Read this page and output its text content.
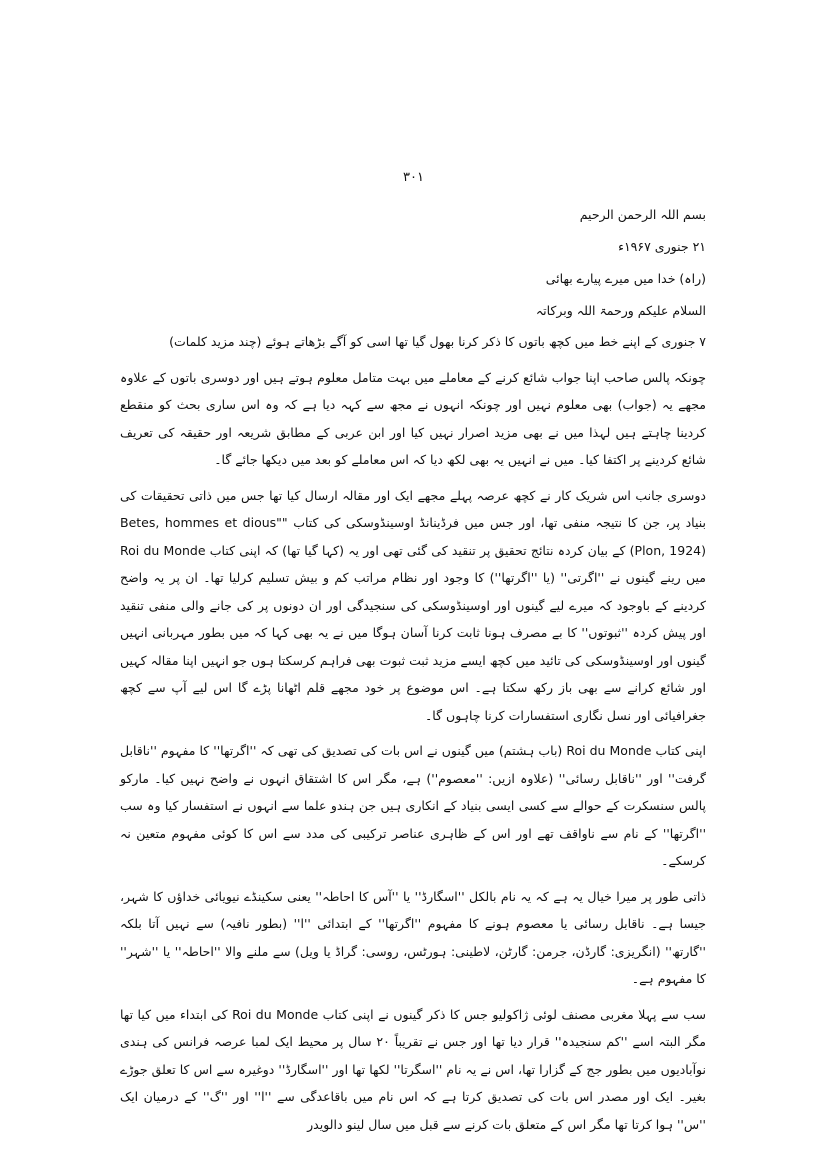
۳۰۱
بسم اللہ الرحمن الرحیم
۲۱ جنوری ۱۹۶۷ء
(راہ) خدا میں میرے پیارے بھائی
السلام علیکم ورحمۃ اللہ وبرکاتہ

۷ جنوری کے اپنے خط میں کچھ باتوں کا ذکر کرنا بھول گیا تھا اسی کو آگے بڑھاتے ہوئے (چند مزید کلمات)

چونکہ پالس صاحب اپنا جواب شائع کرنے کے معاملے میں بہت متامل معلوم ہوتے ہیں اور دوسری باتوں کے علاوہ مجھے یہ (جواب) بھی معلوم نہیں اور چونکہ انہوں نے مجھ سے کہہ دیا ہے کہ وہ اس ساری بحث کو منقطع کردینا چاہتے ہیں لہذا میں نے بھی مزید اصرار نہیں کیا اور ابن عربی کے مطابق شریعہ اور حقیقہ کی تعریف شائع کردینے پر اکتفا کیا۔ میں نے انہیں یہ بھی لکھ دیا کہ اس معاملے کو بعد میں دیکھا جائے گا۔

دوسری جانب اس شریک کار نے کچھ عرصہ پہلے مجھے ایک اور مقالہ ارسال کیا تھا جس میں ذاتی تحقیقات کی بنیاد پر، جن کا نتیجہ منفی تھا، اور جس میں فرڈینانڈ اوسینڈوسکی کی کتاب "Betes, hommes et dious" (Plon, 1924) کے بیان کردہ نتائج تحقیق پر تنقید کی گئی تھی اور یہ (کہا گیا تھا) کہ اپنی کتاب Roi du Monde میں رینے گینوں نے ''اگرتی'' (یا ''اگرتھا'') کا وجود اور نظام مراتب کم و بیش تسلیم کرلیا تھا۔ ان پر یہ واضح کردینے کے باوجود کہ میرے لیے گینوں اور اوسینڈوسکی کی سنجیدگی اور ان دونوں پر کی جانے والی منفی تنقید اور پیش کردہ ''ثبوتوں'' کا بے مصرف ہونا ثابت کرنا آسان ہوگا میں نے یہ بھی کہا کہ میں بطور مہربانی انہیں گینوں اور اوسینڈوسکی کی تائید میں کچھ ایسے مزید ثبت ثبوت بھی فراہم کرسکتا ہوں جو انہیں اپنا مقالہ کہیں اور شائع کرانے سے بھی باز رکھ سکتا ہے۔ اس موضوع پر خود مجھے قلم اٹھانا پڑے گا اس لیے آپ سے کچھ جغرافیائی اور نسل نگاری استفسارات کرنا چاہوں گا۔

اپنی کتاب Roi du Monde (باب ہشتم) میں گینوں نے اس بات کی تصدیق کی تھی کہ ''اگرتھا'' کا مفہوم ''ناقابل گرفت'' اور ''ناقابل رسائی'' (علاوہ ازیں: ''معصوم'') ہے، مگر اس کا اشتقاق انہوں نے واضح نہیں کیا۔ مارکو پالس سنسکرت کے حوالے سے کسی ایسی بنیاد کے انکاری ہیں جن ہندو علما سے انہوں نے استفسار کیا وہ سب ''اگرتھا'' کے نام سے ناواقف تھے اور اس کے ظاہری عناصر ترکیبی کی مدد سے اس کا کوئی مفہوم متعین نہ کرسکے۔

ذاتی طور پر میرا خیال یہ ہے کہ یہ نام بالکل ''اسگارڈ'' یا ''آس کا احاطہ'' یعنی سکینڈے نیویائی خداؤں کا شہر، جیسا ہے۔ ناقابل رسائی یا معصوم ہونے کا مفہوم ''اگرتھا'' کے ابتدائی ''ا'' (بطور نافیہ) سے نہیں آتا بلکہ ''گارتھ'' (انگریزی: گارڈن، جرمن: گارٹن، لاطینی: ہورٹس، روسی: گراڈ یا ویل) سے ملنے والا ''احاطہ'' یا ''شہر'' کا مفہوم ہے۔

سب سے پہلا مغربی مصنف لوئی ژاکولیو جس کا ذکر گینوں نے اپنی کتاب Roi du Monde کی ابتداء میں کیا تھا مگر البتہ اسے ''کم سنجیدہ'' قرار دیا تھا اور جس نے تقریباً ۲۰ سال پر محیط ایک لمبا عرصہ فرانس کی ہندی نوآبادیوں میں بطور جج کے گزارا تھا، اس نے یہ نام ''اسگرتا'' لکھا تھا اور ''اسگارڈ'' دوغیرہ سے اس کا تعلق جوڑے بغیر۔ ایک اور مصدر اس بات کی تصدیق کرتا ہے کہ اس نام میں باقاعدگی سے ''ا'' اور ''گ'' کے درمیان ایک ''س'' ہوا کرتا تھا مگر اس کے متعلق بات کرنے سے قبل میں سال لینو دالویدر
